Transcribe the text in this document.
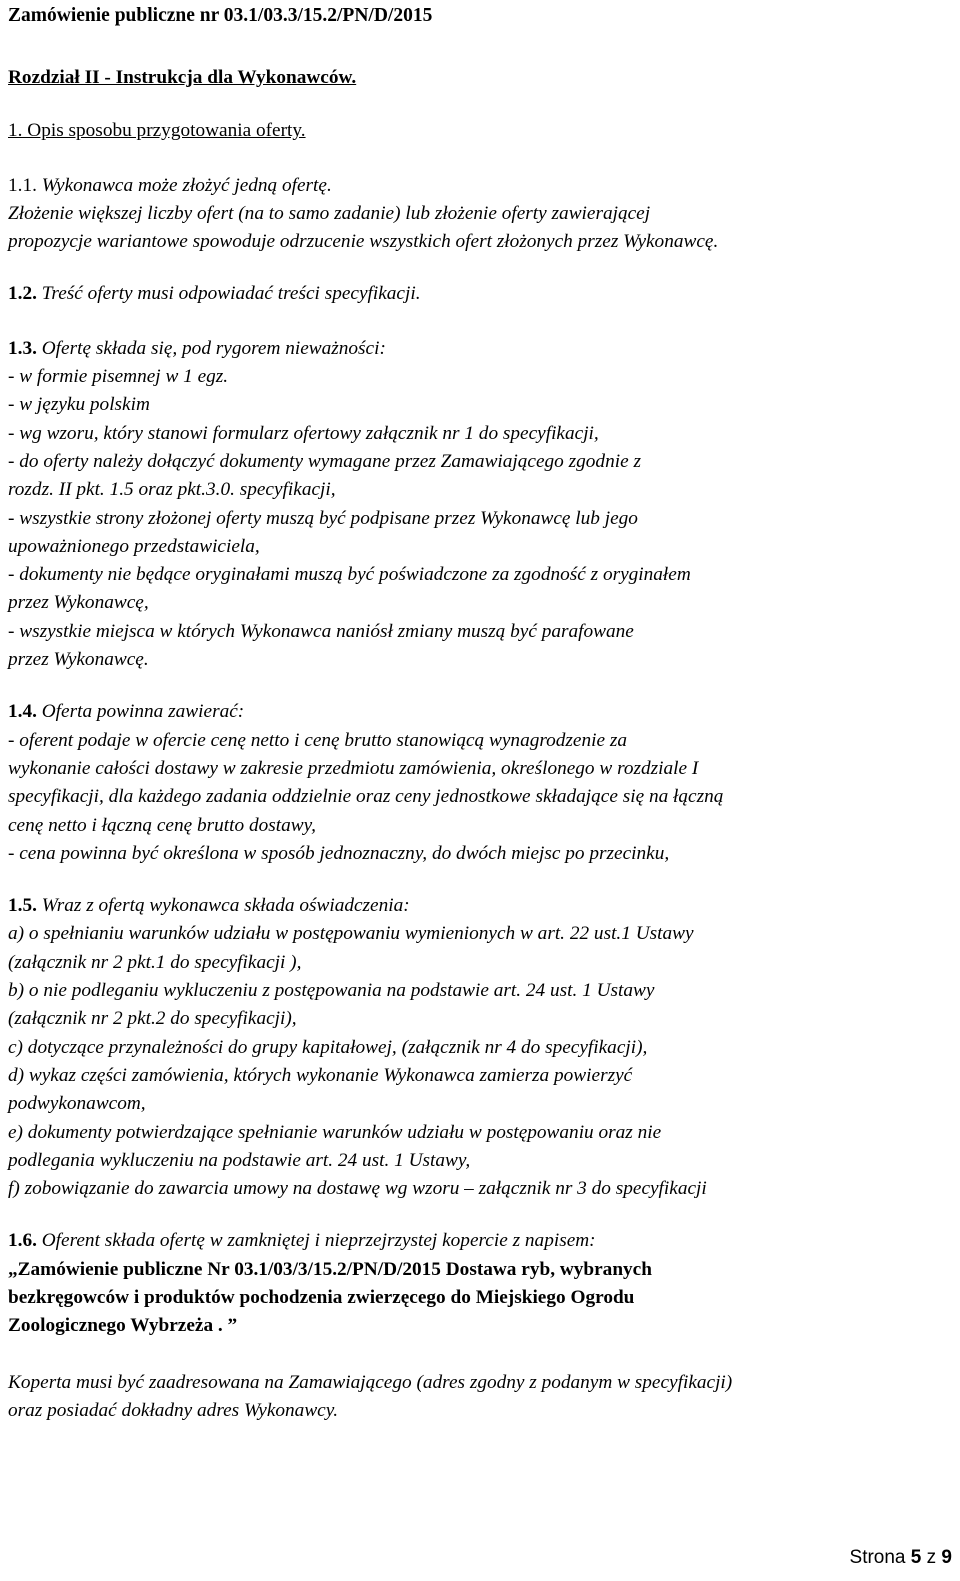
Zamówienie publiczne nr 03.1/03.3/15.2/PN/D/2015
Rozdział II - Instrukcja dla Wykonawców.
1. Opis sposobu przygotowania oferty.
1.1. Wykonawca może złożyć jedną ofertę.
Złożenie większej liczby ofert (na to samo zadanie) lub złożenie oferty zawierającej
propozycje wariantowe spowoduje odrzucenie wszystkich ofert złożonych przez Wykonawcę.
1.2. Treść oferty musi odpowiadać treści specyfikacji.
1.3. Ofertę składa się, pod rygorem nieważności:
- w formie pisemnej w 1 egz.
- w języku polskim
- wg wzoru, który stanowi formularz ofertowy załącznik nr 1 do specyfikacji,
- do oferty należy dołączyć dokumenty wymagane przez Zamawiającego zgodnie z
rozdz. II pkt. 1.5 oraz pkt.3.0. specyfikacji,
- wszystkie strony złożonej oferty muszą być podpisane przez Wykonawcę lub jego
upoważnionego przedstawiciela,
- dokumenty nie będące oryginałami muszą być poświadczone za zgodność z oryginałem
przez Wykonawcę,
- wszystkie miejsca w których Wykonawca naniósł zmiany muszą być parafowane
przez Wykonawcę.
1.4. Oferta powinna zawierać:
- oferent podaje w ofercie cenę netto i cenę brutto stanowiącą wynagrodzenie za
wykonanie całości dostawy w zakresie przedmiotu zamówienia, określonego w rozdziale I
specyfikacji, dla każdego zadania oddzielnie oraz ceny jednostkowe składające się na łączną
cenę netto i łączną cenę brutto dostawy,
- cena powinna być określona w sposób jednoznaczny, do dwóch miejsc po przecinku,
1.5. Wraz z ofertą wykonawca składa oświadczenia:
a) o spełnianiu warunków udziału w postępowaniu wymienionych w art. 22 ust.1 Ustawy
(załącznik nr 2 pkt.1 do specyfikacji ),
b) o nie podleganiu wykluczeniu z postępowania na podstawie art. 24 ust. 1 Ustawy
(załącznik nr 2 pkt.2 do specyfikacji),
c) dotyczące przynależności do grupy kapitałowej, (załącznik nr 4 do specyfikacji),
d) wykaz części zamówienia, których wykonanie Wykonawca zamierza powierzyć
podwykonawcom,
e) dokumenty potwierdzające spełnianie warunków udziału w postępowaniu oraz nie
podlegania wykluczeniu na podstawie art. 24 ust. 1 Ustawy,
f) zobowiązanie do zawarcia umowy na dostawę wg wzoru – załącznik nr 3 do specyfikacji
1.6. Oferent składa ofertę w zamkniętej i nieprzejrzystej kopercie z napisem:
„Zamówienie publiczne Nr 03.1/03/3/15.2/PN/D/2015 Dostawa ryb, wybranych
bezkręgowców i produktów pochodzenia zwierzęcego do Miejskiego Ogrodu
Zoologicznego Wybrzeża . ”
Koperta musi być zaadresowana na Zamawiającego (adres zgodny z podanym w specyfikacji)
oraz posiadać dokładny adres Wykonawcy.
Strona 5 z 9
